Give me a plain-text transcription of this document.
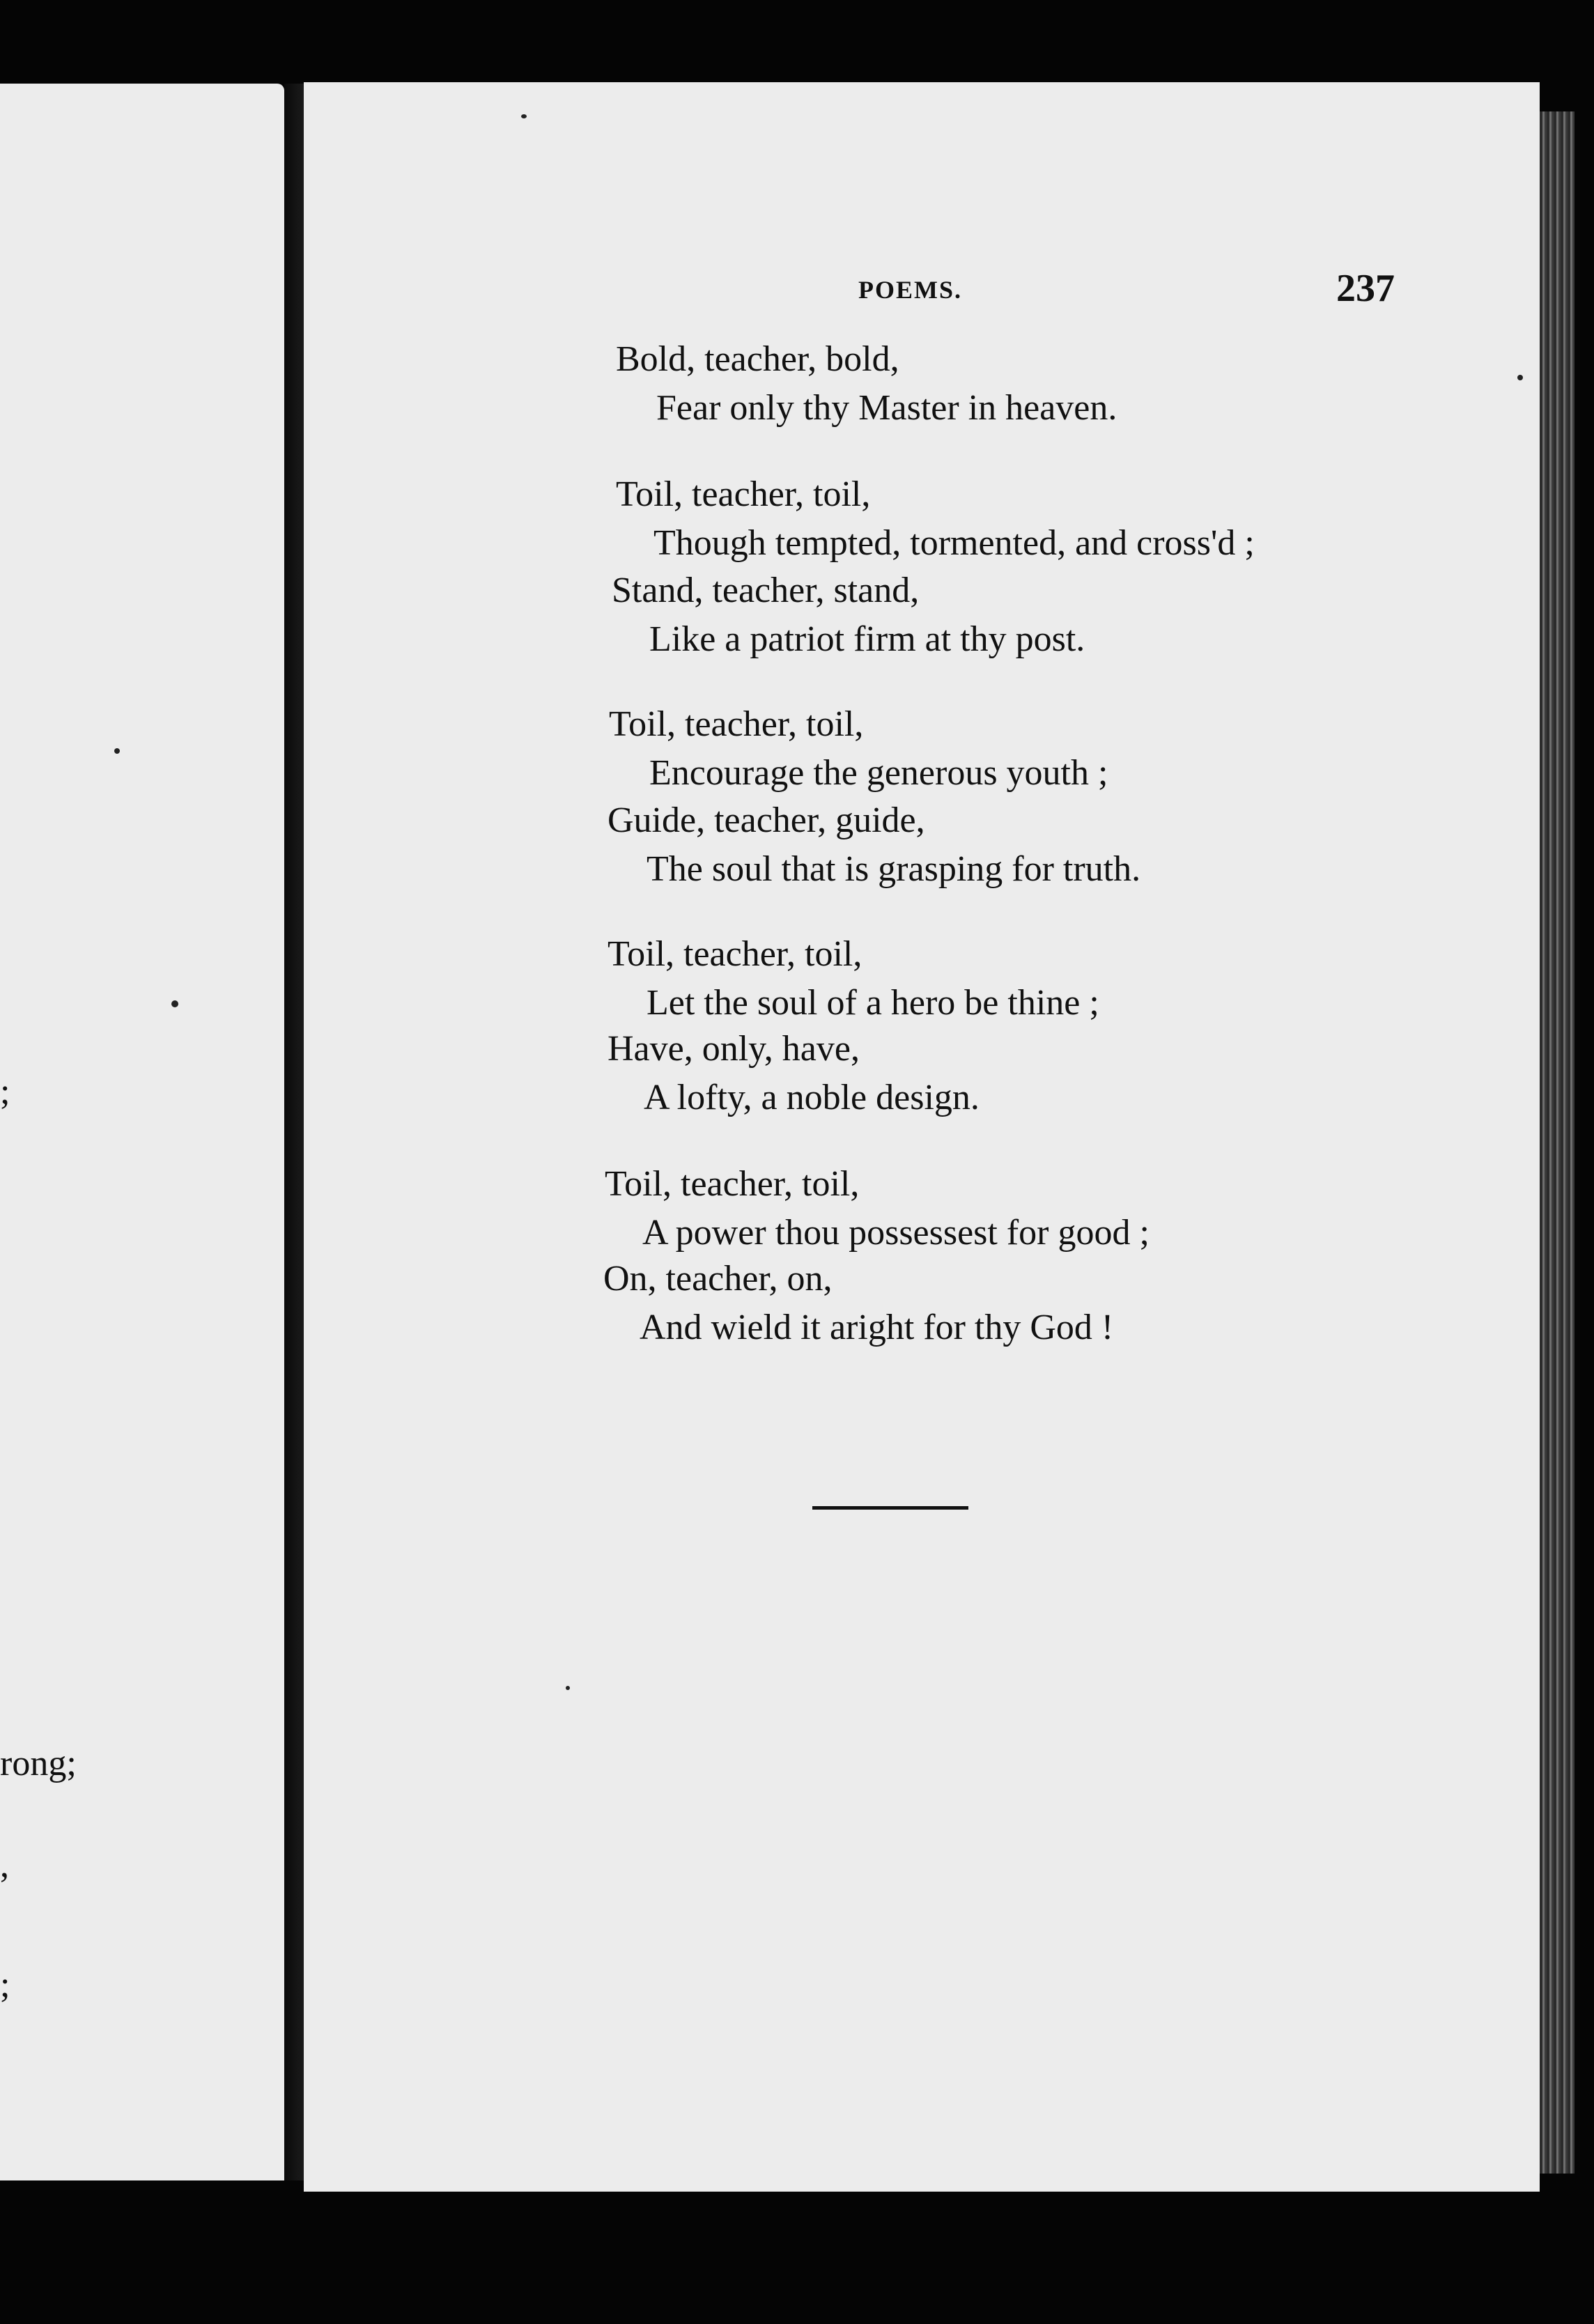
;
rong;
,
;
POEMS.	237
Bold, teacher, bold,
Fear only thy Master in heaven.
Toil, teacher, toil,
Though tempted, tormented, and cross'd ;
Stand, teacher, stand,
Like a patriot firm at thy post.
Toil, teacher, toil,
Encourage the generous youth ;
Guide, teacher, guide,
The soul that is grasping for truth.
Toil, teacher, toil,
Let the soul of a hero be thine ;
Have, only, have,
A lofty, a noble design.
Toil, teacher, toil,
A power thou possessest for good ;
On, teacher, on,
And wield it aright for thy God !
